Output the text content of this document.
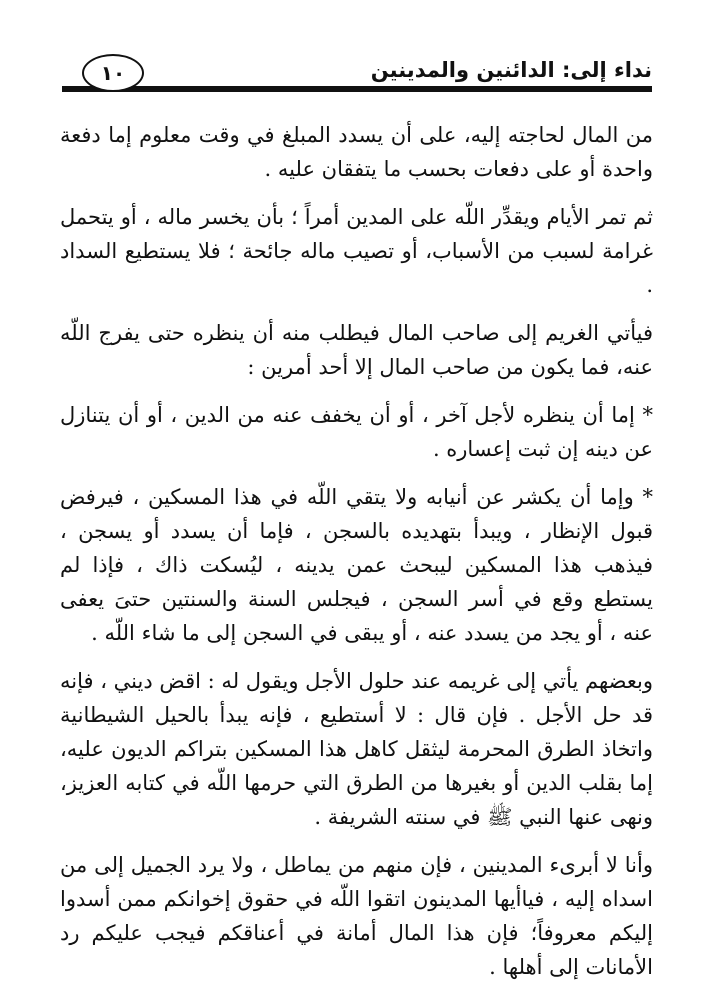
١٠	نداء إلى: الدائنين والمدينين

من المال لحاجته إليه، على أن يسدد المبلغ في وقت معلوم إما دفعة واحدة أو على دفعات بحسب ما يتفقان عليه .

ثم تمر الأيام ويقدِّر اللّه على المدين أمراً ؛ بأن يخسر ماله ، أو يتحمل غرامة لسبب من الأسباب، أو تصيب ماله جائحة ؛ فلا يستطيع السداد .

فيأتي الغريم إلى صاحب المال فيطلب منه أن ينظره حتى يفرج اللّه عنه، فما يكون من صاحب المال إلا أحد أمرين :

* إما أن ينظره لأجل آخر ، أو أن يخفف عنه من الدين ، أو أن يتنازل عن دينه إن ثبت إعساره .

* وإما أن يكشر عن أنيابه ولا يتقي اللّه في هذا المسكين ، فيرفض قبول الإنظار ، ويبدأ بتهديده بالسجن ، فإما أن يسدد أو يسجن ، فيذهب هذا المسكين ليبحث عمن يدينه ، ليُسكت ذاك ، فإذا لم يستطع وقع في أسر السجن ، فيجلس السنة والسنتين حتىَ يعفى عنه ، أو يجد من يسدد عنه ، أو يبقى في السجن إلى ما شاء اللّه .

وبعضهم يأتي إلى غريمه عند حلول الأجل ويقول له : اقض ديني ، فإنه قد حل الأجل . فإن قال : لا أستطيع ، فإنه يبدأ بالحيل الشيطانية واتخاذ الطرق المحرمة ليثقل كاهل هذا المسكين بتراكم الديون عليه، إما بقلب الدين أو بغيرها من الطرق التي حرمها اللّه في كتابه العزيز، ونهى عنها النبي ﷺ في سنته الشريفة .

وأنا لا أبرىء المدينين ، فإن منهم من يماطل ، ولا يرد الجميل إلى من اسداه إليه ، فياأيها المدينون اتقوا اللّه في حقوق إخوانكم ممن أسدوا إليكم معروفاً؛ فإن هذا المال أمانة في أعناقكم فيجب عليكم رد الأمانات إلى أهلها .
